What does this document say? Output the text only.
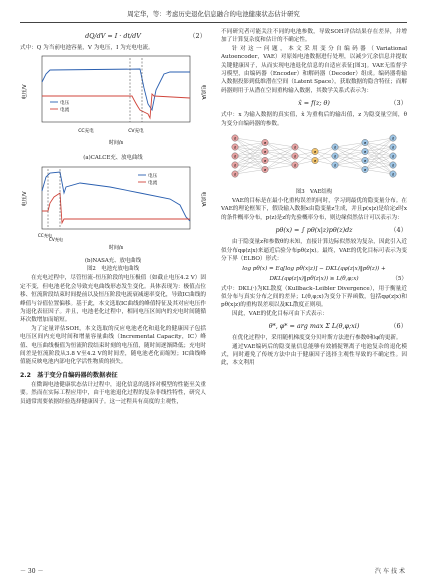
周定华，等：考虑历史退化信息融合的电池健康状态估计研究
dQ/dV = I · dt/dV	（2）

式中：Q 为当前电池容量，V 为电压，I 为充电电流。

电压/V	电流/A
时间/s
CC充电	CV充电
电压
电流
(a)CALCE充、放电曲线
电压/V	电流/A
时间/s
CC充电
CV充电
电压
电流
(b)NASA充、放电曲线
图2　电池充放电曲线

在充电过程中，尽管恒流–恒压阶段的电压极值（如截止电压4.2 V）固定不变，但电池老化会导致充电曲线形态发生变化。具体表现为：极值点位移、恒流阶段结束时间提前以及恒压阶段电流衰减速率变化，导致IC曲线的峰值与谷值位置偏移。基于此，本文选取IC曲线的峰值特征及其对应电压作为退化表征因子。并且，电池老化过程中，相同电压区间内的充电时间随循环次数增加而缩短。

为了定量评估SOH，本文选取的反应电池老化和退化的健康因子包括电压区间内充电时间和增量容量曲线（Incremental Capacity，IC）峰值、电压曲线极值为恒流阶段结束时刻的电压值，随时间逐渐降低；充电时间差是恒流阶段从3.8 V至4.2 V的时间差，随电池老化而缩短；IC曲线峰值能反映电池内部电化学活性物质的损失。

2.2　基于变分自编码器的数据表征

在微调电池健康状态估计过程中，退化信息的选择对模型的性能至关重要。然而在实际工程应用中，由于电池退化过程的复杂非线性特性，研究人员通常需要依据经验选择健康因子。这一过程具有高度的主观性，

不同研究者可能关注不同的电池参数，导致SOH评估结果存在差异，并增加了计算复杂度和估计的不确定性。

针对这一问题，本文采用变分自编码器（Variational Autoencoder，VAE）对原始电池数据进行处理，以减少冗余信息并提取关键健康因子，从而实现电池退化信息的自适应表征[图3]。VAE无监督学习模型，由编码器（Encoder）和解码器（Decoder）组成。编码器将输入数据投影到低维潜在空间（Latent Space），获取数据的隐含特征；而解码器则用于从潜在空间重构输入数据，其数学关系式表示为：

x̂ = f(z; θ)	（3）

式中：x 为输入数据的真实值，x̂ 为重构后的输出值，z 为隐变量空间，θ 为变分自编码器的参数。

σ
σ
σ
σ
σ
σ
σ
σ
σ
σ
σ
σ
σ
σ
σ
σ
σ
σ
σ
σ
σ
σ
σ
σ
σ
σ
图3　VAE结构

VAE的目标是在最小化重构误差的同时，学习到最优的隐变量分布。在VAE的理论框架下，假设输入数据x由隐变量z生成，并且p(x|z)是给定z时x的条件概率分布，p(z)是z的先验概率分布，则边缘似然估计可以表示为：

pθ(x) = ∫ pθ(x|z)pθ(z)dz	（4）

由于隐变量z和参数θ的未知，直接计算边际似然较为复杂，因此引入近似分布qφ(z|x)来逼近后验分布pθ(z|x)。最终，VAE的优化目标可表示为变分下界（ELBO）形式：

log pθ(x) = Eq[log pθ(x|z)] − DKL(qφ(z|x)‖pθ(z)) +
DKL(qφ(z|x)‖pθ(z|x)) ≥ L(θ,φ;x)	（5）

式中：DKL(·)为KL散度（Kullback–Leibler Divergence），用于衡量近似分布与真实分布之间的差异；L(θ,φ;x)为变分下界函数，包括qφ(z|x)和pθ(x|z)的重构误差项以及KL散度正则项。

因此，VAE的优化目标可由下式表示：

θ*, φ* = arg max Σ L(θ,φ;xi)	（6）

在优化过程中，采用随机梯度变分贝叶斯方法进行参数θ和φ的更新。

通过VAE编码后的隐变量信息能够有效捕捉锂离子电池复杂的退化模式，同时避免了传统方法中由于健康因子选择主观性导致的不确定性。因此，本文利用

－ 30 －	汽车技术
